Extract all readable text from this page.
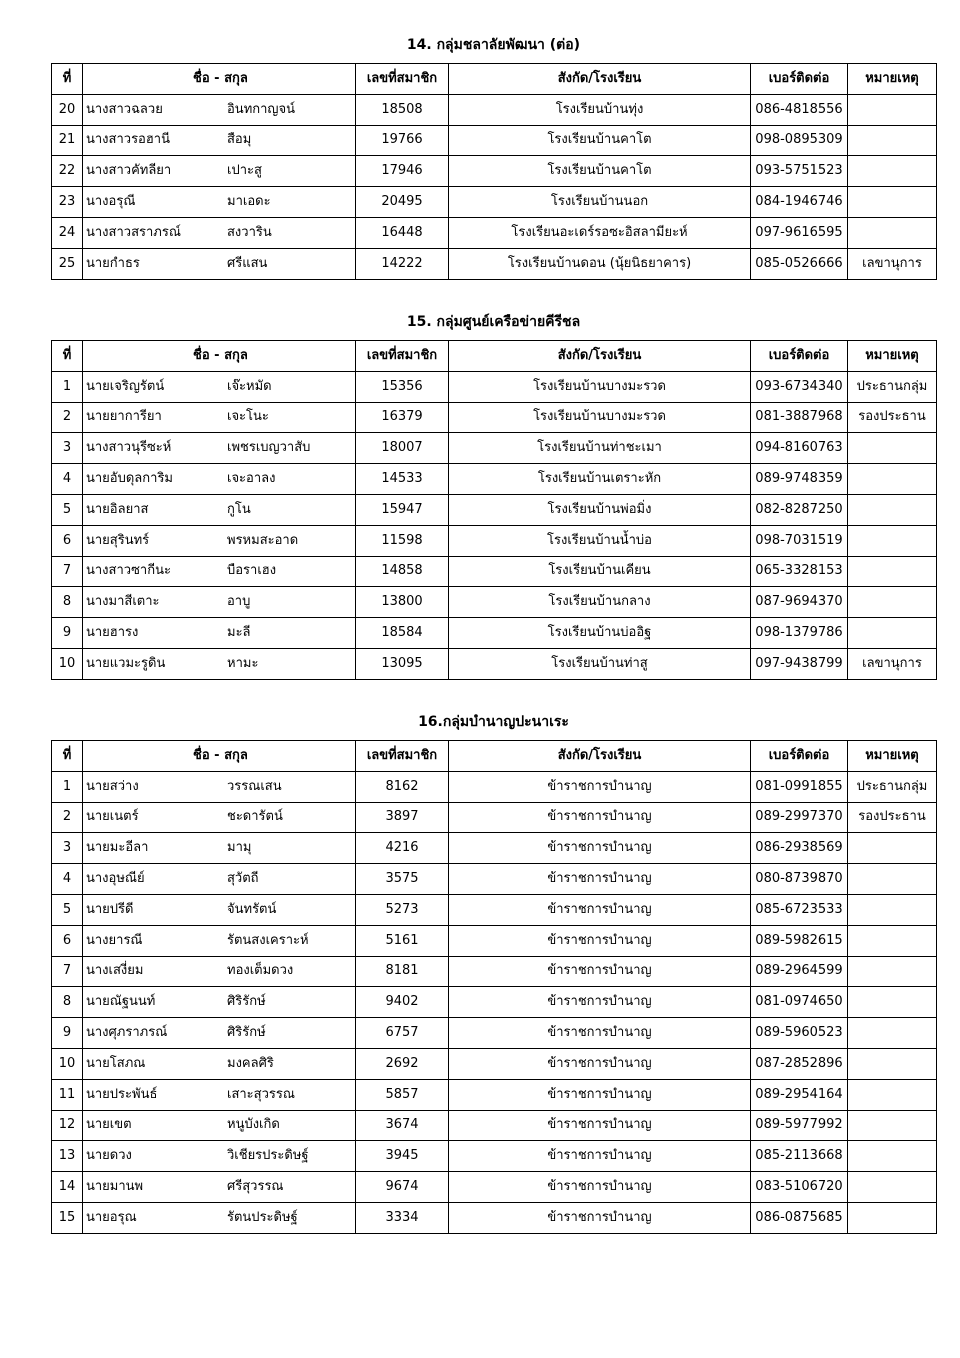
14. กลุ่มชลาลัยพัฒนา (ต่อ)
ที่	ชื่อ - สกุล	เลขที่สมาชิก	สังกัด/โรงเรียน	เบอร์ติดต่อ	หมายเหตุ
20	นางสาวฉลวย อินทกาญจน์	18508	โรงเรียนบ้านทุ่ง	086-4818556	
21	นางสาวรอฮานี สือมุ	19766	โรงเรียนบ้านคาโต	098-0895309	
22	นางสาวคัทลียา เปาะสู	17946	โรงเรียนบ้านคาโต	093-5751523	
23	นางอรุณี มาเอดะ	20495	โรงเรียนบ้านนอก	084-1946746	
24	นางสาวสราภรณ์ สงวาริน	16448	โรงเรียนอะเดร์รอซะอิสลามียะห์	097-9616595	
25	นายกำธร ศรีแสน	14222	โรงเรียนบ้านดอน (นุ้ยนิธยาคาร)	085-0526666	เลขานุการ
15. กลุ่มศูนย์เครือข่ายคีรีชล
ที่	ชื่อ - สกุล	เลขที่สมาชิก	สังกัด/โรงเรียน	เบอร์ติดต่อ	หมายเหตุ
1	นายเจริญรัตน์ เจ๊ะหมัด	15356	โรงเรียนบ้านบางมะรวด	093-6734340	ประธานกลุ่ม
2	นายยาการียา เจะโนะ	16379	โรงเรียนบ้านบางมะรวด	081-3887968	รองประธาน
3	นางสาวนุรีซะห์ เพชรเบญวาสับ	18007	โรงเรียนบ้านท่าชะเมา	094-8160763	
4	นายอับดุลการิม เจะอาลง	14533	โรงเรียนบ้านเตราะหัก	089-9748359	
5	นายอิลยาส กูโน	15947	โรงเรียนบ้านพ่อมิ่ง	082-8287250	
6	นายสุรินทร์ พรหมสะอาด	11598	โรงเรียนบ้านน้ำบ่อ	098-7031519	
7	นางสาวซากีนะ บือราเฮง	14858	โรงเรียนบ้านเคียน	065-3328153	
8	นางมาสีเตาะ อาบู	13800	โรงเรียนบ้านกลาง	087-9694370	
9	นายฮารง มะลี	18584	โรงเรียนบ้านบ่ออิฐ	098-1379786	
10	นายแวมะรูดิน หามะ	13095	โรงเรียนบ้านท่าสู	097-9438799	เลขานุการ
16.กลุ่มบำนาญปะนาเระ
ที่	ชื่อ - สกุล	เลขที่สมาชิก	สังกัด/โรงเรียน	เบอร์ติดต่อ	หมายเหตุ
1	นายสว่าง วรรณเสน	8162	ข้าราชการบำนาญ	081-0991855	ประธานกลุ่ม
2	นายเนตร์ ชะดารัตน์	3897	ข้าราชการบำนาญ	089-2997370	รองประธาน
3	นายมะอีลา มามุ	4216	ข้าราชการบำนาญ	086-2938569	
4	นางอุษณีย์ สุวัตถี	3575	ข้าราชการบำนาญ	080-8739870	
5	นายปรีดี จันทรัตน์	5273	ข้าราชการบำนาญ	085-6723533	
6	นางยารณี รัตนสงเคราะห์	5161	ข้าราชการบำนาญ	089-5982615	
7	นางเสงี่ยม ทองเต็มดวง	8181	ข้าราชการบำนาญ	089-2964599	
8	นายณัฐนนท์ ศิริรักษ์	9402	ข้าราชการบำนาญ	081-0974650	
9	นางศุภราภรณ์ ศิริรักษ์	6757	ข้าราชการบำนาญ	089-5960523	
10	นายโสภณ มงคลศิริ	2692	ข้าราชการบำนาญ	087-2852896	
11	นายประพันธ์ เสาะสุวรรณ	5857	ข้าราชการบำนาญ	089-2954164	
12	นายเขต หนูบังเกิด	3674	ข้าราชการบำนาญ	089-5977992	
13	นายดวง วิเชียรประดิษฐ์	3945	ข้าราชการบำนาญ	085-2113668	
14	นายมานพ ศรีสุวรรณ	9674	ข้าราชการบำนาญ	083-5106720	
15	นายอรุณ รัตนประดิษฐ์	3334	ข้าราชการบำนาญ	086-0875685	
